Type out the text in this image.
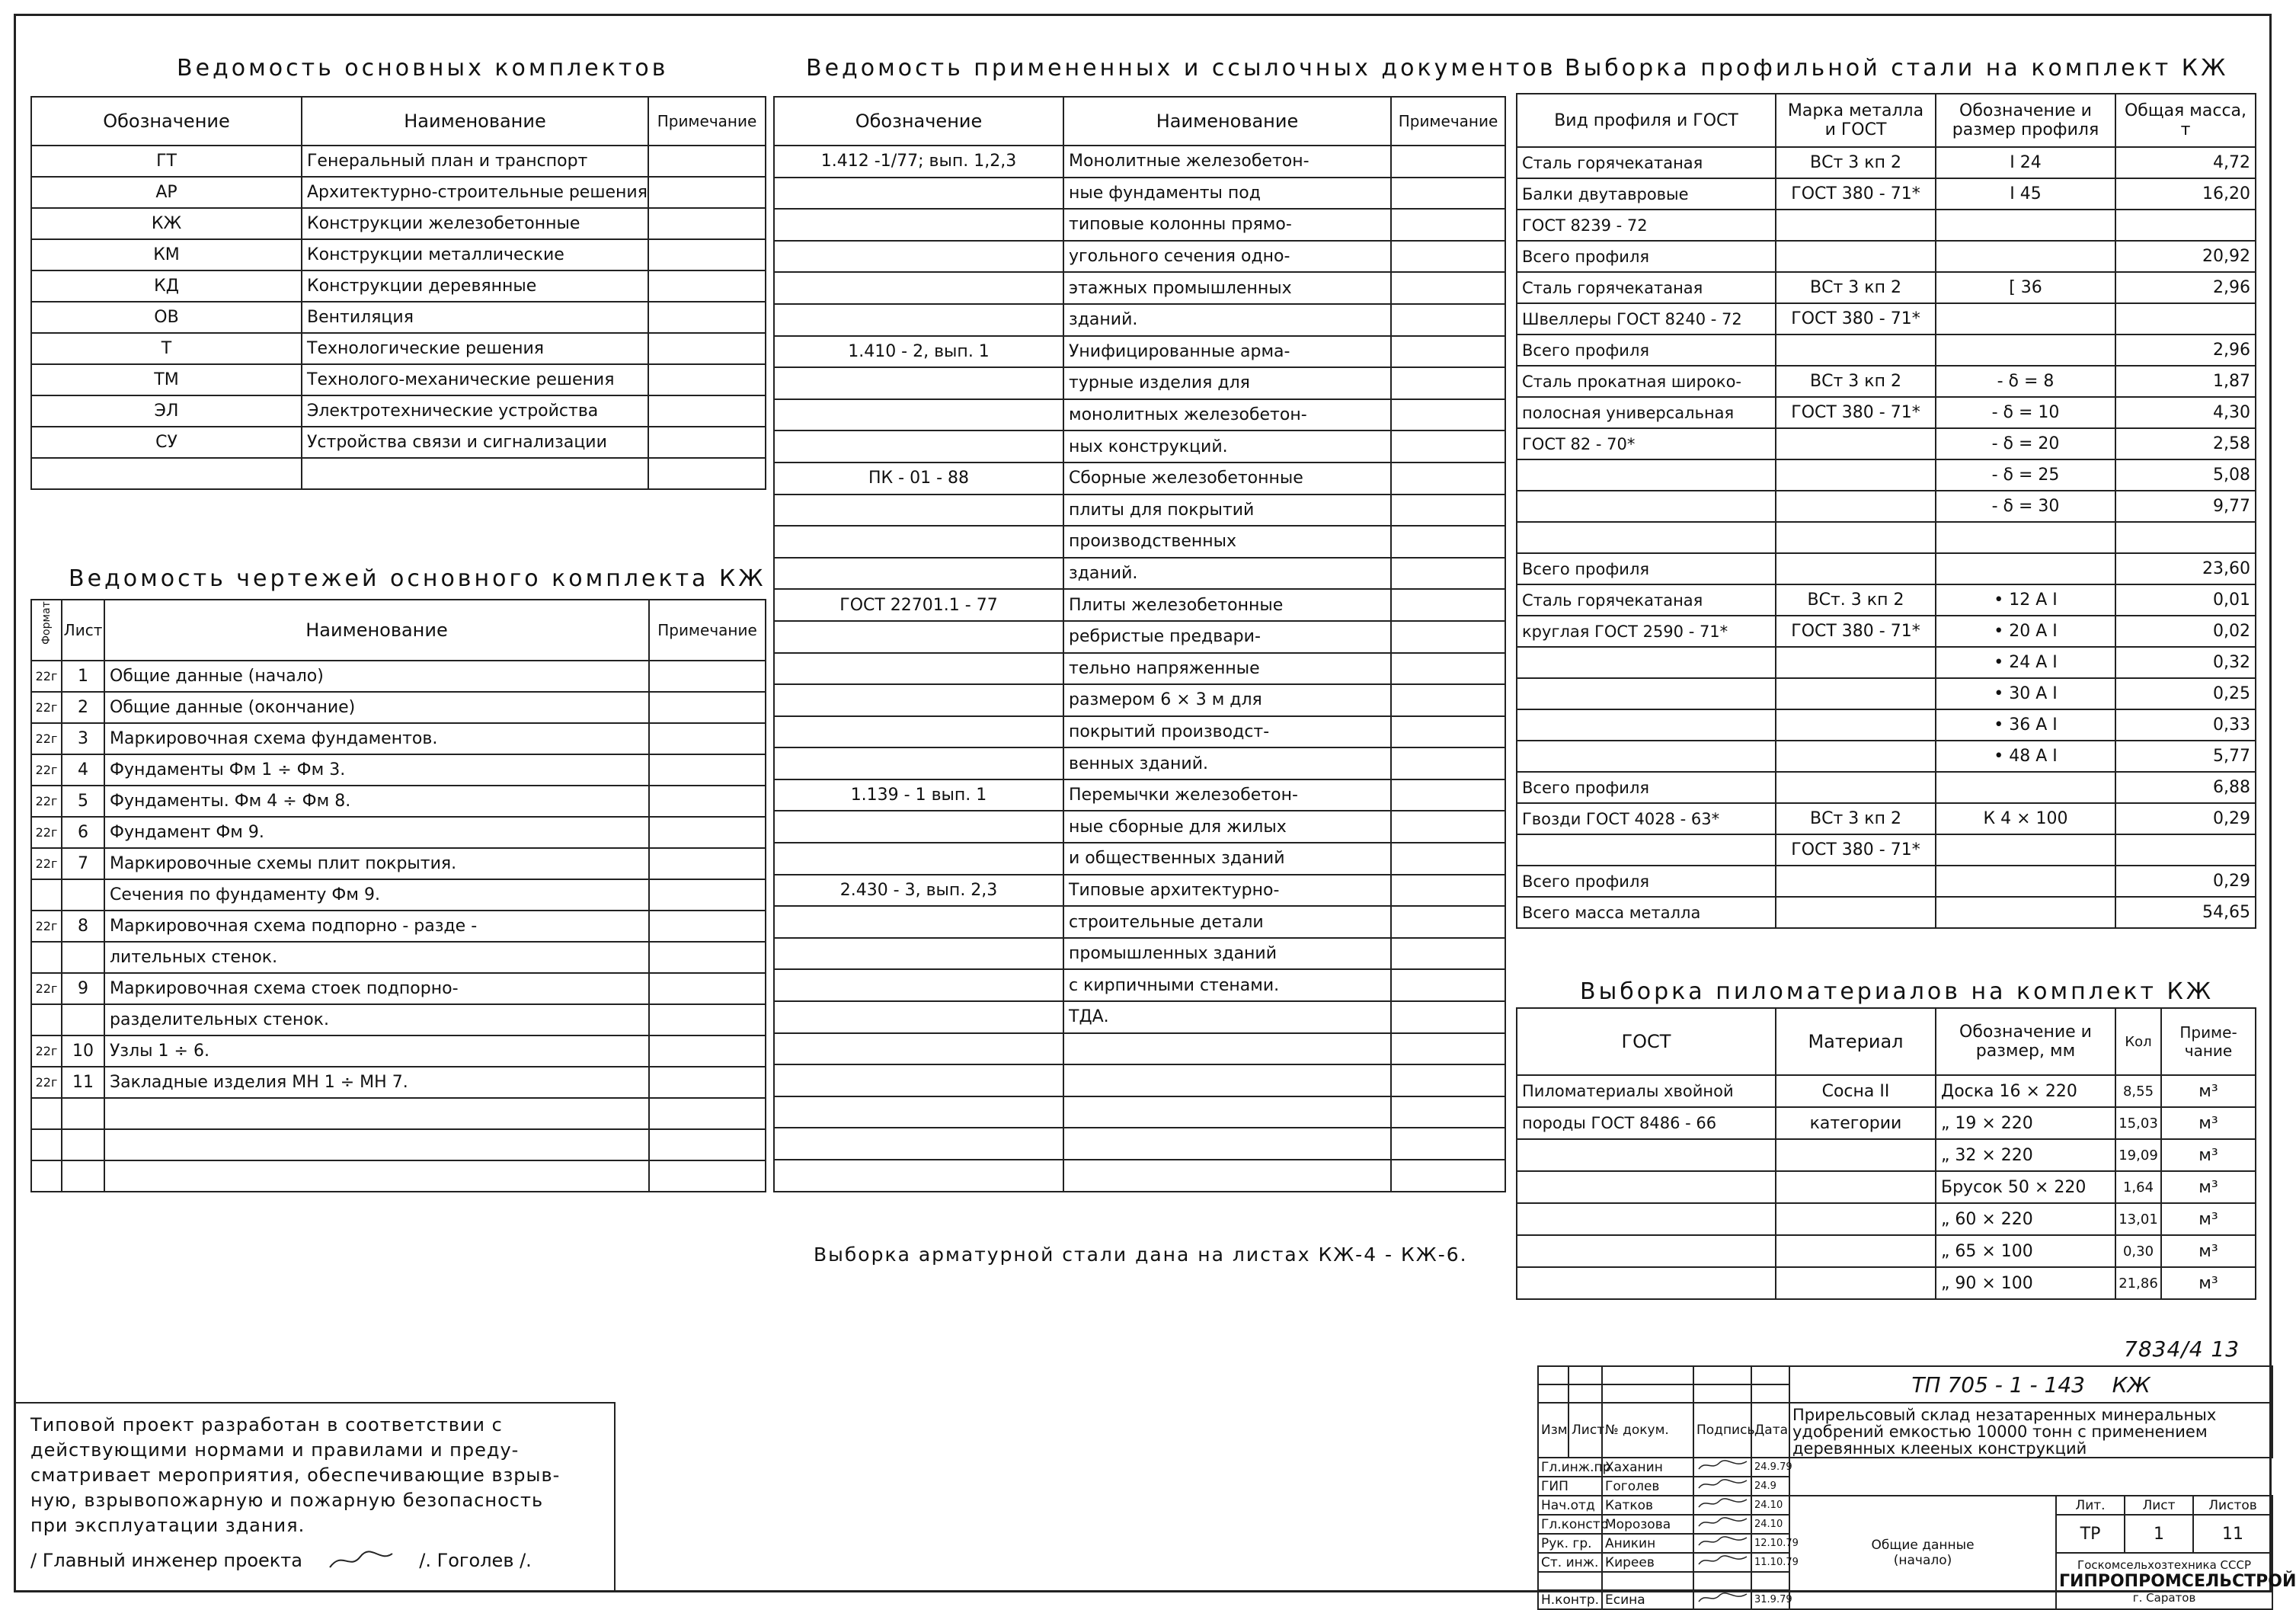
Ведомость основных комплектов
Обозначение	Наименование	Примечание
ГТ	Генеральный план и транспорт	
АР	Архитектурно-строительные решения	
КЖ	Конструкции железобетонные	
КМ	Конструкции металлические	
КД	Конструкции деревянные	
ОВ	Вентиляция	
Т	Технологические решения	
ТМ	Технолого-механические решения	
ЭЛ	Электротехнические устройства	
СУ	Устройства связи и сигнализации	

Ведомость чертежей основного комплекта КЖ
Формат	Лист	Наименование	Примечание
22г	1	Общие данные (начало)	
22г	2	Общие данные (окончание)	
22г	3	Маркировочная схема фундаментов.	
22г	4	Фундаменты Фм 1 ÷ Фм 3.	
22г	5	Фундаменты. Фм 4 ÷ Фм 8.	
22г	6	Фундамент Фм 9.	
22г	7	Маркировочные схемы плит покрытия.	
		Сечения по фундаменту Фм 9.	
22г	8	Маркировочная схема подпорно - разде -	
		лительных стенок.	
22г	9	Маркировочная схема стоек подпорно-	
		разделительных стенок.	
22г	10	Узлы 1 ÷ 6.	
22г	11	Закладные изделия МН 1 ÷ МН 7.	

Ведомость примененных и ссылочных документов
Обозначение	Наименование	Примечание
1.412 -1/77; вып. 1,2,3	Монолитные железобетон-	
	ные фундаменты под	
	типовые колонны прямо-	
	угольного сечения одно-	
	этажных промышленных	
	зданий.	
1.410 - 2, вып. 1	Унифицированные арма-	
	турные изделия для	
	монолитных железобетон-	
	ных конструкций.	
ПК - 01 - 88	Сборные железобетонные	
	плиты для покрытий	
	производственных	
	зданий.	
ГОСТ 22701.1 - 77	Плиты железобетонные	
	ребристые предвари-	
	тельно напряженные	
	размером 6 × 3 м для	
	покрытий производст-	
	венных зданий.	
1.139 - 1 вып. 1	Перемычки железобетон-	
	ные сборные для жилых	
	и общественных зданий	
2.430 - 3, вып. 2,3	Типовые архитектурно-	
	строительные детали	
	промышленных зданий	
	с кирпичными стенами.	
	ТДА.	

Выборка профильной стали на комплект КЖ
Вид профиля и ГОСТ	Марка металла и ГОСТ	Обозначение и размер профиля	Общая масса, т
Сталь горячекатаная	ВСт 3 кп 2	I 24	4,72
Балки двутавровые	ГОСТ 380 - 71*	I 45	16,20
ГОСТ 8239 - 72			
Всего профиля			20,92
Сталь горячекатаная	ВСт 3 кп 2	[ 36	2,96
Швеллеры ГОСТ 8240 - 72	ГОСТ 380 - 71*		
Всего профиля			2,96
Сталь прокатная широко-	ВСт 3 кп 2	- δ = 8	1,87
полосная универсальная	ГОСТ 380 - 71*	- δ = 10	4,30
ГОСТ 82 - 70*		- δ = 20	2,58
		- δ = 25	5,08
		- δ = 30	9,77

Всего профиля			23,60
Сталь горячекатаная	ВСт. 3 кп 2	• 12 А I	0,01
круглая ГОСТ 2590 - 71*	ГОСТ 380 - 71*	• 20 А I	0,02
		• 24 А I	0,32
		• 30 А I	0,25
		• 36 А I	0,33
		• 48 А I	5,77
Всего профиля			6,88
Гвозди ГОСТ 4028 - 63*	ВСт 3 кп 2	К 4 × 100	0,29
	ГОСТ 380 - 71*		
Всего профиля			0,29
Всего масса металла			54,65
Выборка пиломатериалов на комплект КЖ
ГОСТ	Материал	Обозначение и размер, мм	Кол	Приме-чание
Пиломатериалы хвойной	Сосна II	Доска 16 × 220	8,55	м³
породы ГОСТ 8486 - 66	категории	„ 19 × 220	15,03	м³
		„ 32 × 220	19,09	м³
		Брусок 50 × 220	1,64	м³
		„ 60 × 220	13,01	м³
		„ 65 × 100	0,30	м³
		„ 90 × 100	21,86	м³
Выборка арматурной стали дана на листах КЖ-4 - КЖ-6.
7834/4 13
Типовой проект разработан в соответствии с
действующими нормами и правилами и преду-
сматривает мероприятия, обеспечивающие взрыв-
ную, взрывопожарную и пожарную безопасность
при эксплуатации здания.
/ Главный инженер проекта	/. Гоголев /.
					ТП 705 - 1 - 143 КЖ			

Изм	Лист	№ докум.	Подпись	Дата	Прирельсовый склад незатаренных минеральных удобрений емкостью 10000 тонн с применением деревянных клееных конструкций			
Гл.инж.пр		Хаханин		24.9.79				
ГИП		Гоголев		24.9				
Нач.отд		Катков		24.10	Общие данные (начало)	Лит.	Лист	Листов
Гл.констр		Морозова		24.10		ТР	1	11
Рук. гр.		Аникин		12.10.79				
Ст. инж.		Киреев		11.10.79		Госкомсельхозтехника СССР
ГИПРОПРОМСЕЛЬСТРОЙ
г. Саратов		

Н.контр.		Есина		31.9.79				
